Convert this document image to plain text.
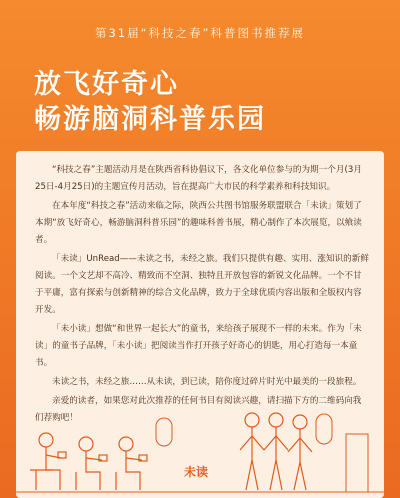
第31届“科技之春”科普图书推荐展
放飞好奇心
畅游脑洞科普乐园

“科技之春”主题活动月是在陕西省科协倡议下，各文化单位参与的为期一个月(3月25日-4月25日)的主题宣传月活动，旨在提高广大市民的科学素养和科技知识。

在本年度“科技之春”活动来临之际，陕西公共图书馆服务联盟联合「未读」策划了本期“放飞好奇心，畅游脑洞科普乐园”的趣味科普书展，精心制作了本次展览，以飨读者。

「未读」UnRead——未读之书，未经之旅。我们只提供有趣、实用、涨知识的新鲜阅读。一个文艺却不高冷、精致而不空洞、独特且开放包容的新锐文化品牌。一个不甘于平庸，富有探索与创新精神的综合文化品牌，致力于全球优质内容出版和全版权内容开发。

「未小读」想做“和世界一起长大”的童书，来给孩子展现不一样的未来。作为「未读」的童书子品牌，「未小读」把阅读当作打开孩子好奇心的钥匙，用心打造每一本童书。

未读之书，未经之旅……从未读，到已读，陪你度过碎片时光中最美的一段旅程。

亲爱的读者，如果您对此次推荐的任何书目有阅读兴趣，请扫描下方的二维码向我们荐购吧！

未读
